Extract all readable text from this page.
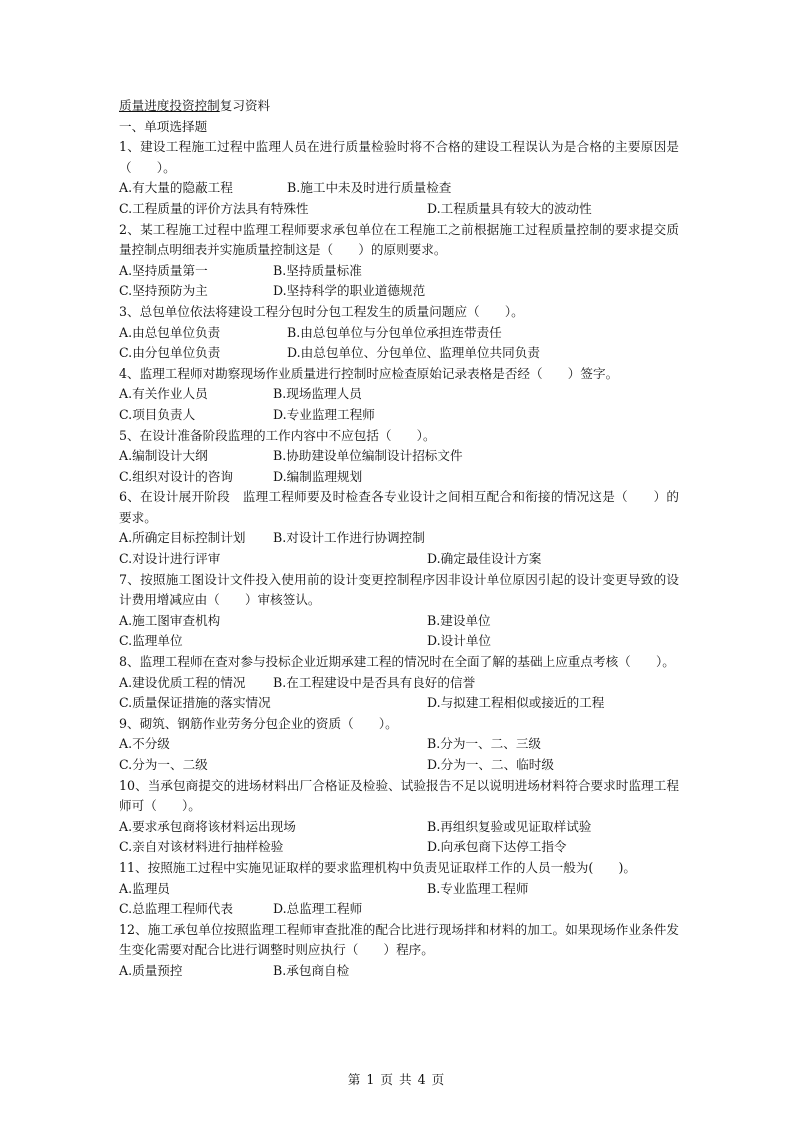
质量进度投资控制复习资料
一、单项选择题
1、建设工程施工过程中监理人员在进行质量检验时将不合格的建设工程误认为是合格的主要原因是（　　）。
A.有大量的隐蔽工程	B.施工中未及时进行质量检查
C.工程质量的评价方法具有特殊性	D.工程质量具有较大的波动性
2、某工程施工过程中监理工程师要求承包单位在工程施工之前根据施工过程质量控制的要求提交质量控制点明细表并实施质量控制这是（　　）的原则要求。
A.坚持质量第一	B.坚持质量标准
C.坚持预防为主	D.坚持科学的职业道德规范
3、总包单位依法将建设工程分包时分包工程发生的质量问题应（　　）。
A.由总包单位负责	B.由总包单位与分包单位承担连带责任
C.由分包单位负责	D.由总包单位、分包单位、监理单位共同负责
4、监理工程师对勘察现场作业质量进行控制时应检查原始记录表格是否经（　　）签字。
A.有关作业人员	B.现场监理人员
C.项目负责人	D.专业监理工程师
5、在设计准备阶段监理的工作内容中不应包括（　　）。
A.编制设计大纲	B.协助建设单位编制设计招标文件
C.组织对设计的咨询	D.编制监理规划
6、在设计展开阶段　监理工程师要及时检查各专业设计之间相互配合和衔接的情况这是（　　）的要求。
A.所确定目标控制计划	B.对设计工作进行协调控制
C.对设计进行评审	D.确定最佳设计方案
7、按照施工图设计文件投入使用前的设计变更控制程序因非设计单位原因引起的设计变更导致的设计费用增减应由（　　）审核签认。
A.施工图审查机构	B.建设单位
C.监理单位	D.设计单位
8、监理工程师在查对参与投标企业近期承建工程的情况时在全面了解的基础上应重点考核（　　）。
A.建设优质工程的情况	B.在工程建设中是否具有良好的信誉
C.质量保证措施的落实情况	D.与拟建工程相似或接近的工程
9、砌筑、钢筋作业劳务分包企业的资质（　　）。
A.不分级	B.分为一、二、三级
C.分为一、二级	D.分为一、二、临时级
10、当承包商提交的进场材料出厂合格证及检验、试验报告不足以说明进场材料符合要求时监理工程师可（　　）。
A.要求承包商将该材料运出现场	B.再组织复验或见证取样试验
C.亲自对该材料进行抽样检验	D.向承包商下达停工指令
11、按照施工过程中实施见证取样的要求监理机构中负责见证取样工作的人员一般为(　　)。
A.监理员	B.专业监理工程师
C.总监理工程师代表	D.总监理工程师
12、施工承包单位按照监理工程师审查批准的配合比进行现场拌和材料的加工。如果现场作业条件发生变化需要对配合比进行调整时则应执行（　　）程序。
A.质量预控	B.承包商自检
第 1 页 共 4 页
